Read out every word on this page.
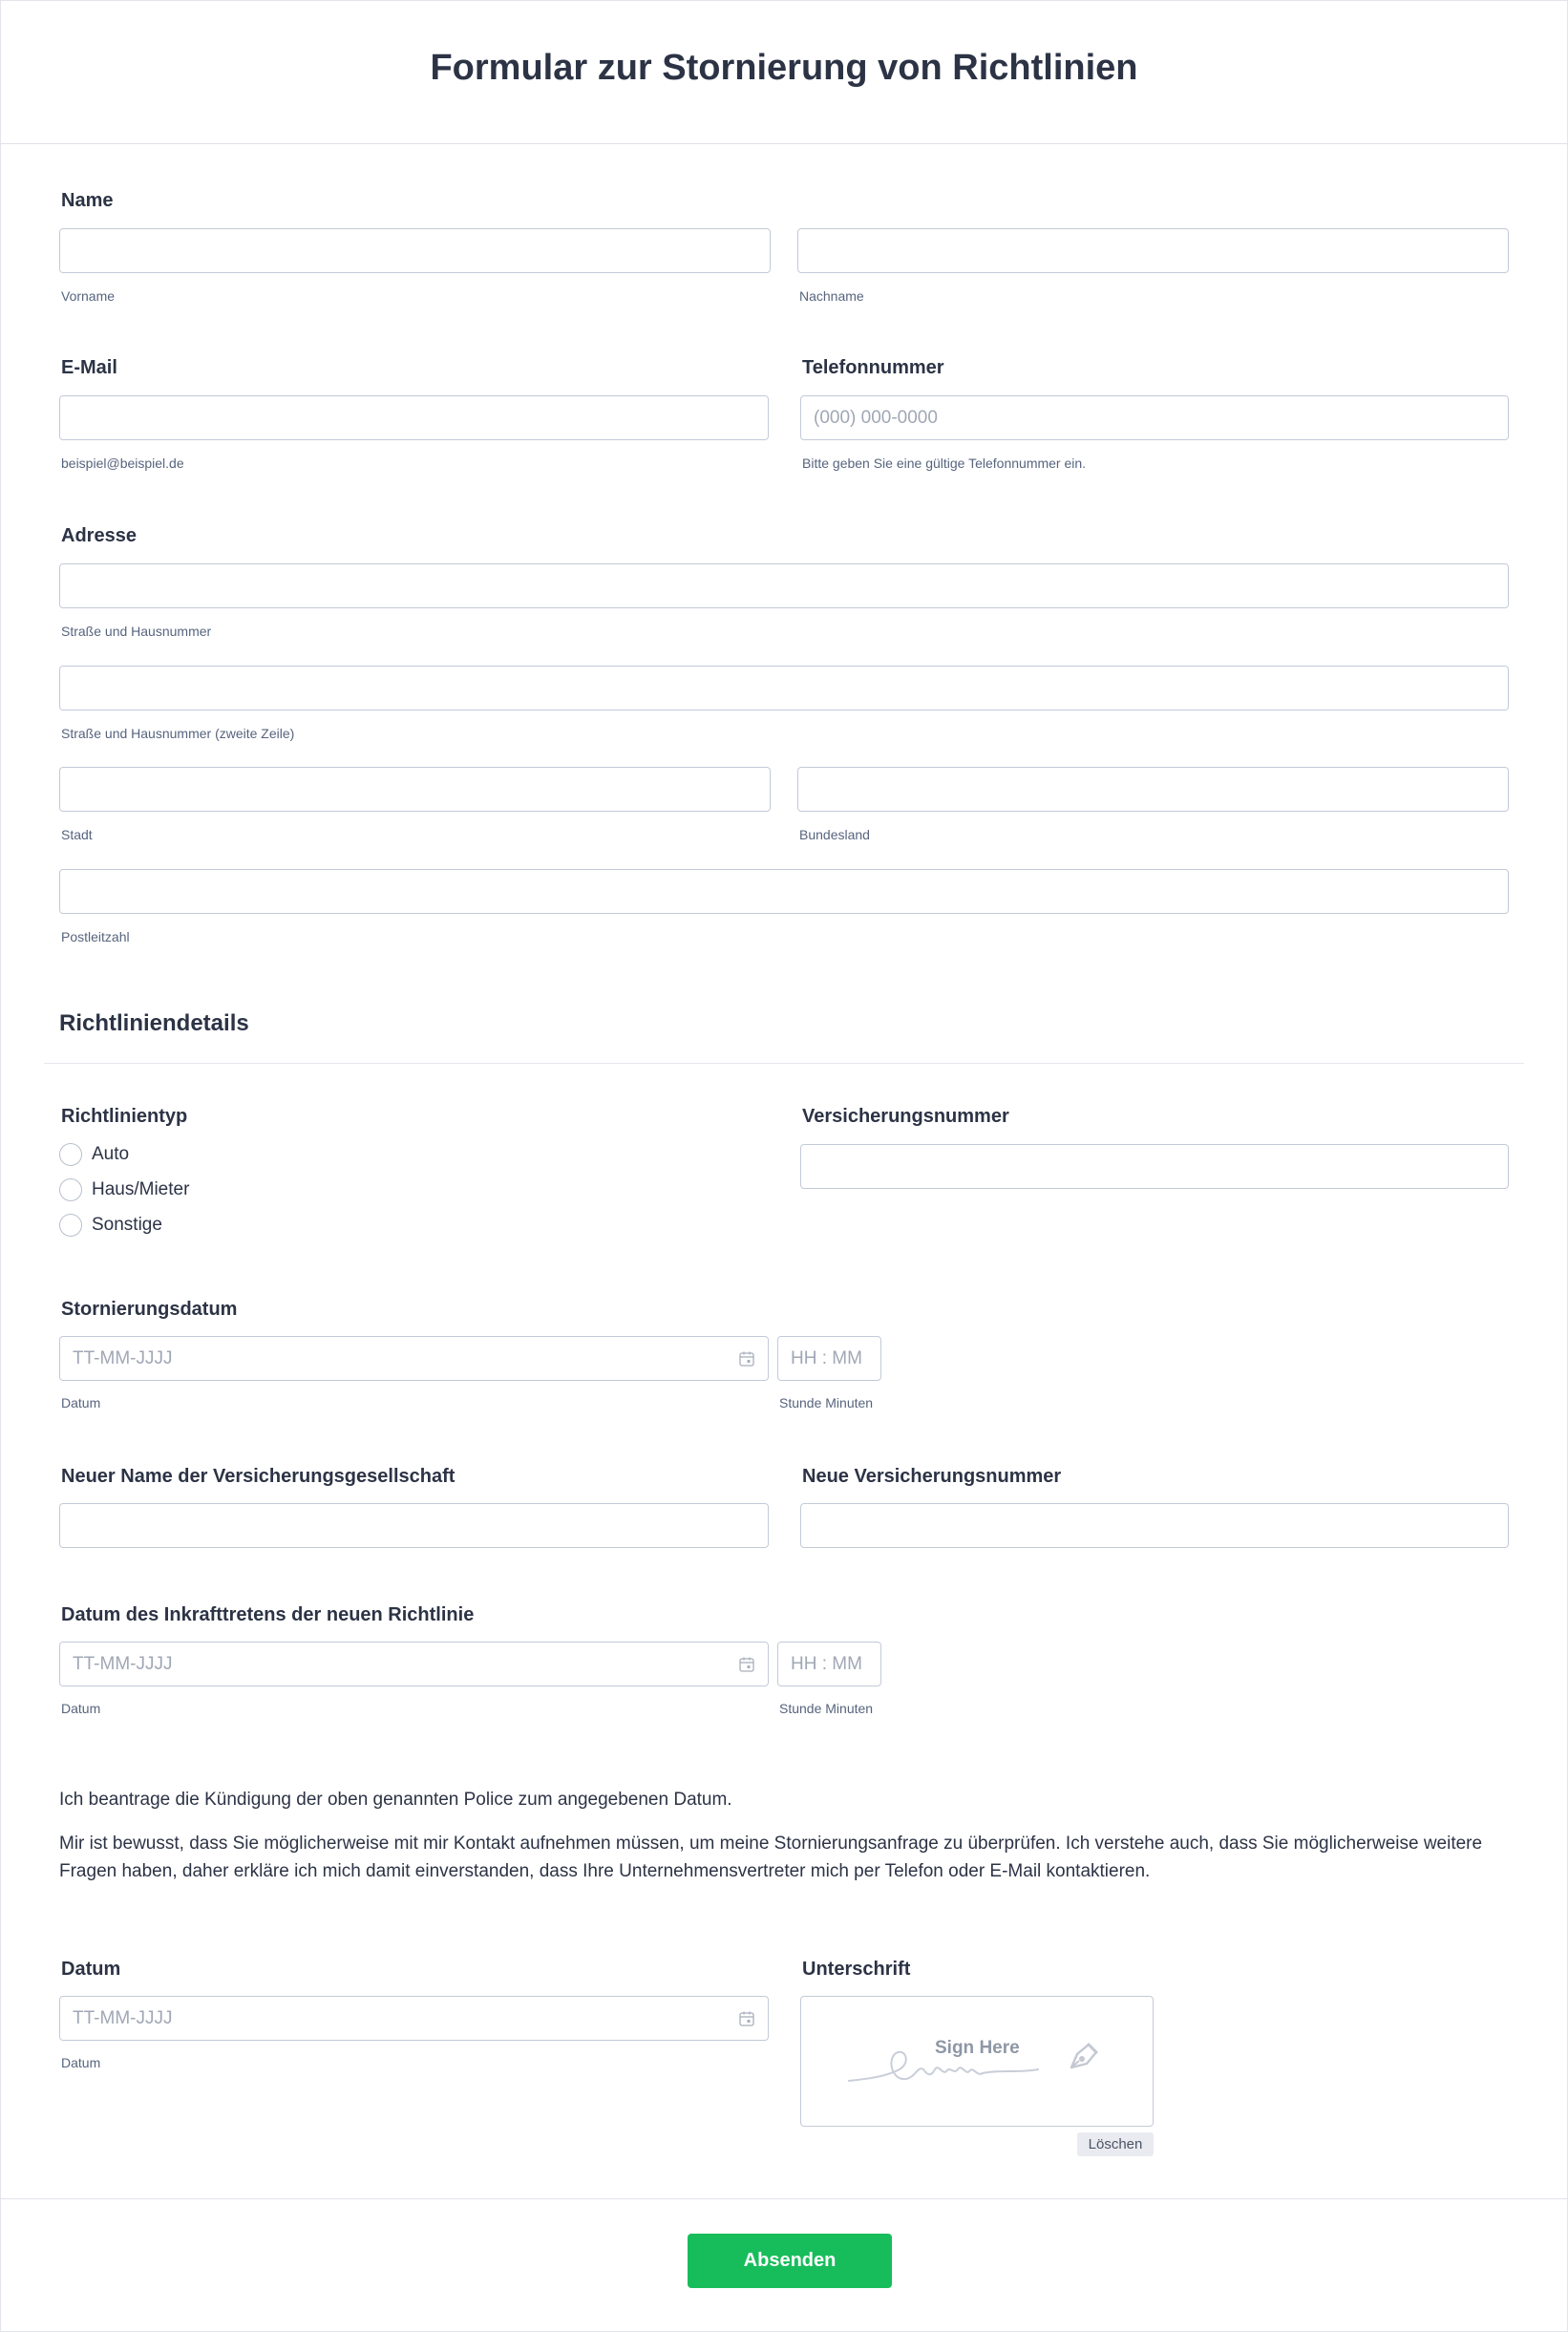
Formular zur Stornierung von Richtlinien
Name
Vorname	Nachname
E-Mail
beispiel@beispiel.de
Telefonnummer
(000) 000-0000
Bitte geben Sie eine gültige Telefonnummer ein.
Adresse
Straße und Hausnummer
Straße und Hausnummer (zweite Zeile)
Stadt	Bundesland
Postleitzahl
Richtliniendetails
Richtlinientyp
Auto
Haus/Mieter
Sonstige
Versicherungsnummer
Stornierungsdatum
TT-MM-JJJJ	HH : MM
Datum	Stunde Minuten
Neuer Name der Versicherungsgesellschaft	Neue Versicherungsnummer
Datum des Inkrafttretens der neuen Richtlinie
TT-MM-JJJJ	HH : MM
Datum	Stunde Minuten
Ich beantrage die Kündigung der oben genannten Police zum angegebenen Datum.
Mir ist bewusst, dass Sie möglicherweise mit mir Kontakt aufnehmen müssen, um meine Stornierungsanfrage zu überprüfen. Ich verstehe auch, dass Sie möglicherweise weitere Fragen haben, daher erkläre ich mich damit einverstanden, dass Ihre Unternehmensvertreter mich per Telefon oder E-Mail kontaktieren.
Datum
TT-MM-JJJJ
Datum
Unterschrift
Sign Here
Löschen
Absenden
